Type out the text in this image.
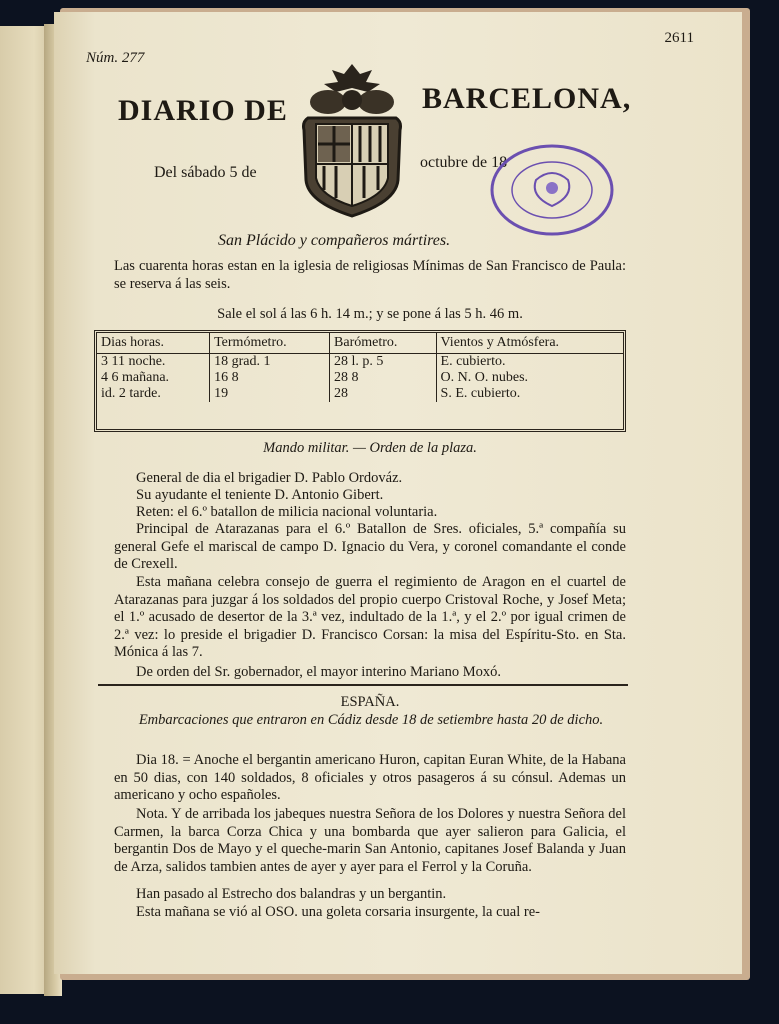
Núm. 277
2611
DIARIO DE	BARCELONA,
Del sábado 5 de
octubre de 18
San Plácido y compañeros mártires.
Las cuarenta horas estan en la iglesia de religiosas Mínimas de San Francisco de Paula: se reserva á las seis.
Sale el sol á las 6 h. 14 m.; y se pone á las 5 h. 46 m.
Dias horas.	Termómetro.	Barómetro.	Vientos y Atmósfera.
3 11 noche.	18 grad. 1	28 l. p. 5	E. cubierto.
4 6 mañana.	16 8	28 8	O. N. O. nubes.
id. 2 tarde.	19	28	S. E. cubierto.
Mando militar. — Orden de la plaza.
General de dia el brigadier D. Pablo Ordováz.
Su ayudante el teniente D. Antonio Gibert.
Reten: el 6.º batallon de milicia nacional voluntaria.
Principal de Atarazanas para el 6.º Batallon de Sres. oficiales, 5.ª compañía su general Gefe el mariscal de campo D. Ignacio du Vera, y coronel comandante el conde de Crexell.
Esta mañana celebra consejo de guerra el regimiento de Aragon en el cuartel de Atarazanas para juzgar á los soldados del propio cuerpo Cristoval Roche, y Josef Meta; el 1.º acusado de desertor de la 3.ª vez, indultado de la 1.ª, y el 2.º por igual crimen de 2.ª vez: lo preside el brigadier D. Francisco Corsan: la misa del Espíritu-Sto. en Sta. Mónica á las 7.
De orden del Sr. gobernador, el mayor interino Mariano Moxó.
ESPAÑA.
Embarcaciones que entraron en Cádiz desde 18 de setiembre hasta 20 de dicho.
Dia 18. = Anoche el bergantin americano Huron, capitan Euran White, de la Habana en 50 dias, con 140 soldados, 8 oficiales y otros pasageros á su cónsul. Ademas un americano y ocho españoles.
Nota. Y de arribada los jabeques nuestra Señora de los Dolores y nuestra Señora del Carmen, la barca Corza Chica y una bombarda que ayer salieron para Galicia, el bergantin Dos de Mayo y el queche-marin San Antonio, capitanes Josef Balanda y Juan de Arza, salidos tambien antes de ayer y ayer para el Ferrol y la Coruña.
Han pasado al Estrecho dos balandras y un bergantin.
Esta mañana se vió al OSO. una goleta corsaria insurgente, la cual re-
